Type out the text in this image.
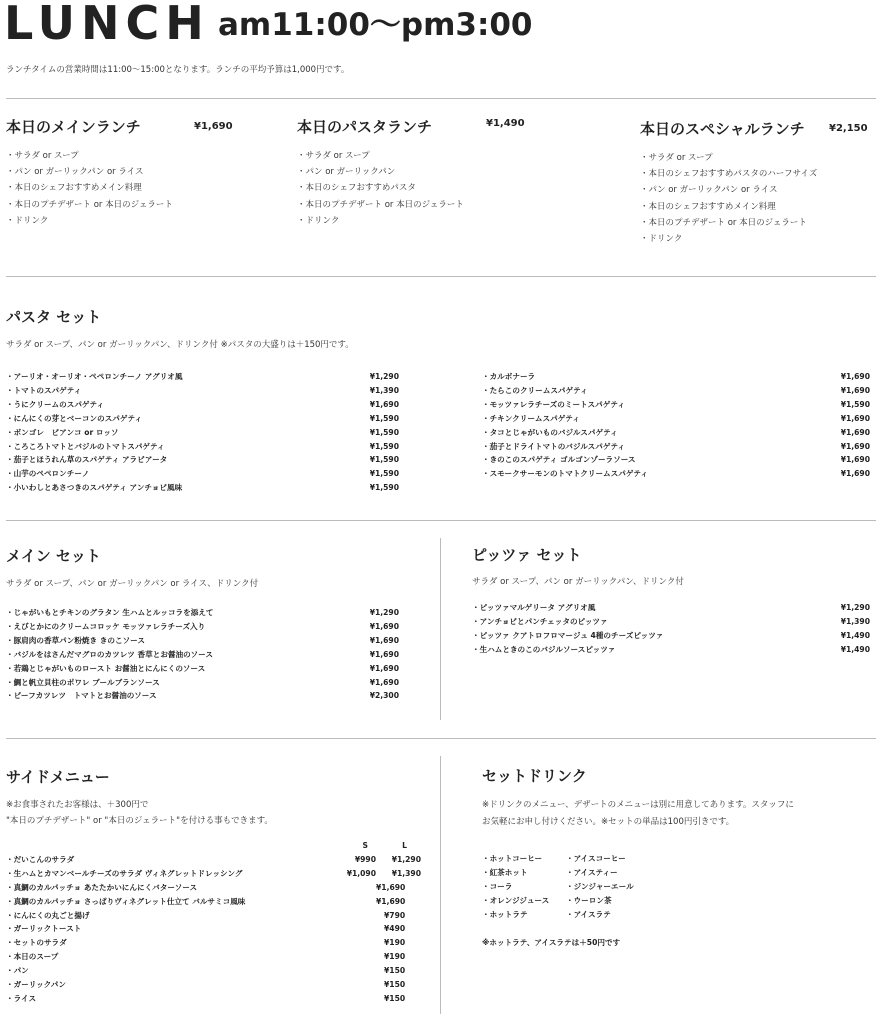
LUNCH am11:00〜pm3:00
ランチタイムの営業時間は11:00〜15:00となります。ランチの平均予算は1,000円です。
本日のメインランチ	¥1,690
・サラダ or スープ
・パン or ガーリックパン or ライス
・本日のシェフおすすめメイン料理
・本日のプチデザート or 本日のジェラート
・ドリンク
本日のパスタランチ	¥1,490
・サラダ or スープ
・パン or ガーリックパン
・本日のシェフおすすめパスタ
・本日のプチデザート or 本日のジェラート
・ドリンク
本日のスペシャルランチ ¥2,150
・サラダ or スープ
・本日のシェフおすすめパスタのハーフサイズ
・パン or ガーリックパン or ライス
・本日のシェフおすすめメイン料理
・本日のプチデザート or 本日のジェラート
・ドリンク
パスタ セット
サラダ or スープ、パン or ガーリックパン、ドリンク付 ※パスタの大盛りは＋150円です。
・アーリオ・オーリオ・ペペロンチーノ アグリオ風	¥1,290
・トマトのスパゲティ	¥1,390
・うにクリームのスパゲティ	¥1,690
・にんにくの芽とベーコンのスパゲティ	¥1,590
・ボンゴレ　ビアンコ or ロッソ	¥1,590
・ころころトマトとバジルのトマトスパゲティ	¥1,590
・茄子とほうれん草のスパゲティ アラビアータ	¥1,590
・山芋のペペロンチーノ	¥1,590
・小いわしとあさつきのスパゲティ アンチョビ風味	¥1,590
・カルボナーラ	¥1,690
・たらこのクリームスパゲティ	¥1,690
・モッツァレラチーズのミートスパゲティ	¥1,590
・チキンクリームスパゲティ	¥1,690
・タコとじゃがいものバジルスパゲティ	¥1,690
・茄子とドライトマトのバジルスパゲティ	¥1,690
・きのこのスパゲティ ゴルゴンゾーラソース	¥1,690
・スモークサーモンのトマトクリームスパゲティ	¥1,690
メイン セット
サラダ or スープ、パン or ガーリックパン or ライス、ドリンク付
・じゃがいもとチキンのグラタン 生ハムとルッコラを添えて	¥1,290
・えびとかにのクリームコロッケ モッツァレラチーズ入り	¥1,690
・豚肩肉の香草パン粉焼き きのこソース	¥1,690
・バジルをはさんだマグロのカツレツ 香草とお醤油のソース	¥1,690
・若鶏とじゃがいものロースト お醤油とにんにくのソース	¥1,690
・鯛と帆立貝柱のポワレ ブールブランソース	¥1,690
・ビーフカツレツ　トマトとお醤油のソース	¥2,300
ピッツァ セット
サラダ or スープ、パン or ガーリックパン、ドリンク付
・ピッツァマルゲリータ アグリオ風	¥1,290
・アンチョビとパンチェッタのピッツァ	¥1,390
・ピッツァ クアトロフロマージュ 4種のチーズピッツァ	¥1,490
・生ハムときのこのバジルソースピッツァ	¥1,490
サイドメニュー
※お食事されたお客様は、＋300円で
"本日のプチデザート" or "本日のジェラート"を付ける事もできます。
S	L
・だいこんのサラダ	¥990	¥1,290
・生ハムとカマンベールチーズのサラダ ヴィネグレットドレッシング	¥1,090	¥1,390
・真鯛のカルパッチョ あたたかいにんにくバターソース	¥1,690
・真鯛のカルパッチョ さっぱりヴィネグレット仕立て バルサミコ風味	¥1,690
・にんにくの丸ごと揚げ	¥790
・ガーリックトースト	¥490
・セットのサラダ	¥190
・本日のスープ	¥190
・パン	¥150
・ガーリックパン	¥150
・ライス	¥150
セットドリンク
※ドリンクのメニュー、デザートのメニューは別に用意してあります。スタッフに
お気軽にお申し付けください。※セットの単品は100円引きです。
・ホットコーヒー	・アイスコーヒー
・紅茶ホット	・アイスティー
・コーラ	・ジンジャーエール
・オレンジジュース	・ウーロン茶
・ホットラテ	・アイスラテ
※ホットラテ、アイスラテは＋50円です
